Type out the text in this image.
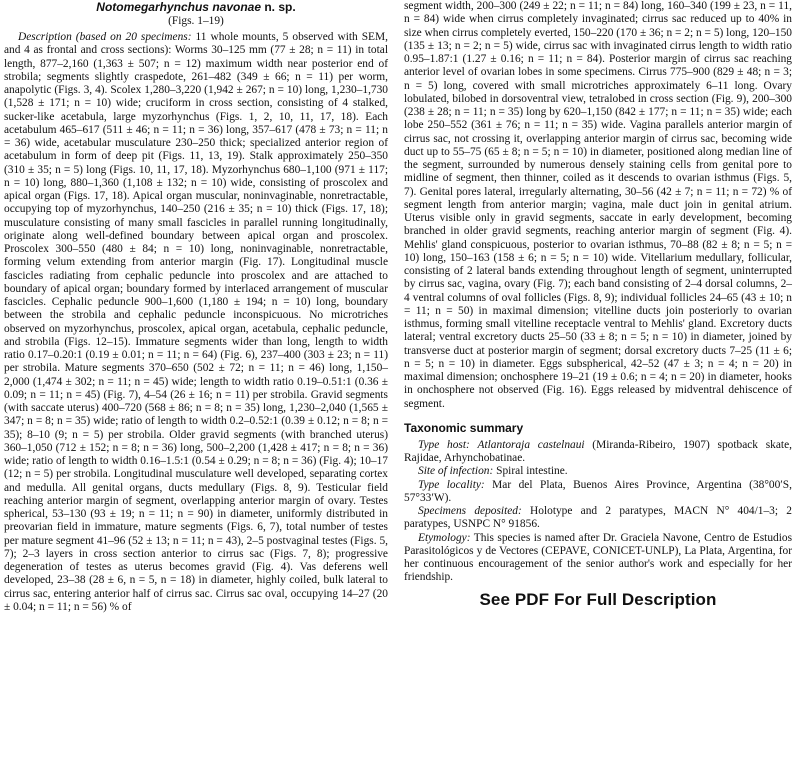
Notomegarhynchus navonae n. sp.
(Figs. 1–19)

Description (based on 20 specimens: 11 whole mounts, 5 observed with SEM, and 4 as frontal and cross sections): Worms 30–125 mm (77 ± 28; n = 11) in total length, 877–2,160 (1,363 ± 507; n = 12) maximum width near posterior end of strobila; segments slightly craspedote, 261–482 (349 ± 66; n = 11) per worm, anapolytic (Figs. 3, 4). Scolex 1,280–3,220 (1,942 ± 267; n = 10) long, 1,230–1,730 (1,528 ± 171; n = 10) wide; cruciform in cross section, consisting of 4 stalked, sucker-like acetabula, large myzorhynchus (Figs. 1, 2, 10, 11, 17, 18). Each acetabulum 465–617 (511 ± 46; n = 11; n = 36) long, 357–617 (478 ± 73; n = 11; n = 36) wide, acetabular musculature 230–250 thick; specialized anterior region of acetabulum in form of deep pit (Figs. 11, 13, 19). Stalk approximately 250–350 (310 ± 35; n = 5) long (Figs. 10, 11, 17, 18). Myzorhynchus 680–1,100 (971 ± 117; n = 10) long, 880–1,360 (1,108 ± 132; n = 10) wide, consisting of proscolex and apical organ (Figs. 17, 18). Apical organ muscular, noninvaginable, nonretractable, occupying top of myzorhynchus, 140–250 (216 ± 35; n = 10) thick (Figs. 17, 18); musculature consisting of many small fascicles in parallel running longitudinally, originate along well-defined boundary between apical organ and proscolex. Proscolex 300–550 (480 ± 84; n = 10) long, noninvaginable, nonretractable, forming velum extending from anterior margin (Fig. 17). Longitudinal muscle fascicles radiating from cephalic peduncle into proscolex and are attached to boundary of apical organ; boundary formed by interlaced arrangement of muscular fascicles. Cephalic peduncle 900–1,600 (1,180 ± 194; n = 10) long, boundary between the strobila and cephalic peduncle inconspicuous. No microtriches observed on myzorhynchus, proscolex, apical organ, acetabula, cephalic peduncle, and strobila (Figs. 12–15). Immature segments wider than long, length to width ratio 0.17–0.20:1 (0.19 ± 0.01; n = 11; n = 64) (Fig. 6), 237–400 (303 ± 23; n = 11) per strobila. Mature segments 370–650 (502 ± 72; n = 11; n = 46) long, 1,150–2,000 (1,474 ± 302; n = 11; n = 45) wide; length to width ratio 0.19–0.51:1 (0.36 ± 0.09; n = 11; n = 45) (Fig. 7), 4–54 (26 ± 16; n = 11) per strobila. Gravid segments (with saccate uterus) 400–720 (568 ± 86; n = 8; n = 35) long, 1,230–2,040 (1,565 ± 347; n = 8; n = 35) wide; ratio of length to width 0.2–0.52:1 (0.39 ± 0.12; n = 8; n = 35); 8–10 (9; n = 5) per strobila. Older gravid segments (with branched uterus) 360–1,050 (712 ± 152; n = 8; n = 36) long, 500–2,200 (1,428 ± 417; n = 8; n = 36) wide; ratio of length to width 0.16–1.5:1 (0.54 ± 0.29; n = 8; n = 36) (Fig. 4); 10–17 (12; n = 5) per strobila. Longitudinal musculature well developed, separating cortex and medulla. All genital organs, ducts medullary (Figs. 8, 9). Testicular field reaching anterior margin of segment, overlapping anterior margin of ovary. Testes spherical, 53–130 (93 ± 19; n = 11; n = 90) in diameter, uniformly distributed in preovarian field in immature, mature segments (Figs. 6, 7), total number of testes per mature segment 41–96 (52 ± 13; n = 11; n = 43), 2–5 postvaginal testes (Figs. 5, 7); 2–3 layers in cross section anterior to cirrus sac (Figs. 7, 8); progressive degeneration of testes as uterus becomes gravid (Fig. 4). Vas deferens well developed, 23–38 (28 ± 6, n = 5, n = 18) in diameter, highly coiled, bulk lateral to cirrus sac, entering anterior half of cirrus sac. Cirrus sac oval, occupying 14–27 (20 ± 0.04; n = 11; n = 56) % of

segment width, 200–300 (249 ± 22; n = 11; n = 84) long, 160–340 (199 ± 23, n = 11, n = 84) wide when cirrus completely invaginated; cirrus sac reduced up to 40% in size when cirrus completely everted, 150–220 (170 ± 36; n = 2; n = 5) long, 120–150 (135 ± 13; n = 2; n = 5) wide, cirrus sac with invaginated cirrus length to width ratio 0.95–1.87:1 (1.27 ± 0.16; n = 11; n = 84). Posterior margin of cirrus sac reaching anterior level of ovarian lobes in some specimens. Cirrus 775–900 (829 ± 48; n = 3; n = 5) long, covered with small microtriches approximately 6–11 long. Ovary lobulated, bilobed in dorsoventral view, tetralobed in cross section (Fig. 9), 200–300 (238 ± 28; n = 11; n = 35) long by 620–1,150 (842 ± 177; n = 11; n = 35) wide; each lobe 250–552 (361 ± 76; n = 11; n = 35) wide. Vagina parallels anterior margin of cirrus sac, not crossing it, overlapping anterior margin of cirrus sac, becoming wide duct up to 55–75 (65 ± 8; n = 5; n = 10) in diameter, positioned along median line of the segment, surrounded by numerous densely staining cells from genital pore to midline of segment, then thinner, coiled as it descends to ovarian isthmus (Figs. 5, 7). Genital pores lateral, irregularly alternating, 30–56 (42 ± 7; n = 11; n = 72) % of segment length from anterior margin; vagina, male duct join in genital atrium. Uterus visible only in gravid segments, saccate in early development, becoming branched in older gravid segments, reaching anterior margin of segment (Fig. 4). Mehlis' gland conspicuous, posterior to ovarian isthmus, 70–88 (82 ± 8; n = 5; n = 10) long, 150–163 (158 ± 6; n = 5; n = 10) wide. Vitellarium medullary, follicular, consisting of 2 lateral bands extending throughout length of segment, uninterrupted by cirrus sac, vagina, ovary (Fig. 7); each band consisting of 2–4 dorsal columns, 2–4 ventral columns of oval follicles (Figs. 8, 9); individual follicles 24–65 (43 ± 10; n = 11; n = 50) in maximal dimension; vitelline ducts join posteriorly to ovarian isthmus, forming small vitelline receptacle ventral to Mehlis' gland. Excretory ducts lateral; ventral excretory ducts 25–50 (33 ± 8; n = 5; n = 10) in diameter, joined by transverse duct at posterior margin of segment; dorsal excretory ducts 7–25 (11 ± 6; n = 5; n = 10) in diameter. Eggs subspherical, 42–52 (47 ± 3; n = 4; n = 20) in maximal dimension; onchosphere 19–21 (19 ± 0.6; n = 4; n = 20) in diameter, hooks in onchosphere not observed (Fig. 16). Eggs released by midventral dehiscence of segment.

Taxonomic summary

Type host: Atlantoraja castelnaui (Miranda-Ribeiro, 1907) spotback skate, Rajidae, Arhynchobatinae.

Site of infection: Spiral intestine.

Type locality: Mar del Plata, Buenos Aires Province, Argentina (38°00′S, 57°33′W).

Specimens deposited: Holotype and 2 paratypes, MACN N° 404/1–3; 2 paratypes, USNPC N° 91856.

Etymology: This species is named after Dr. Graciela Navone, Centro de Estudios Parasitológicos y de Vectores (CEPAVE, CONICET-UNLP), La Plata, Argentina, for her continuous encouragement of the senior author's work and especially for her friendship.

See PDF For Full Description
